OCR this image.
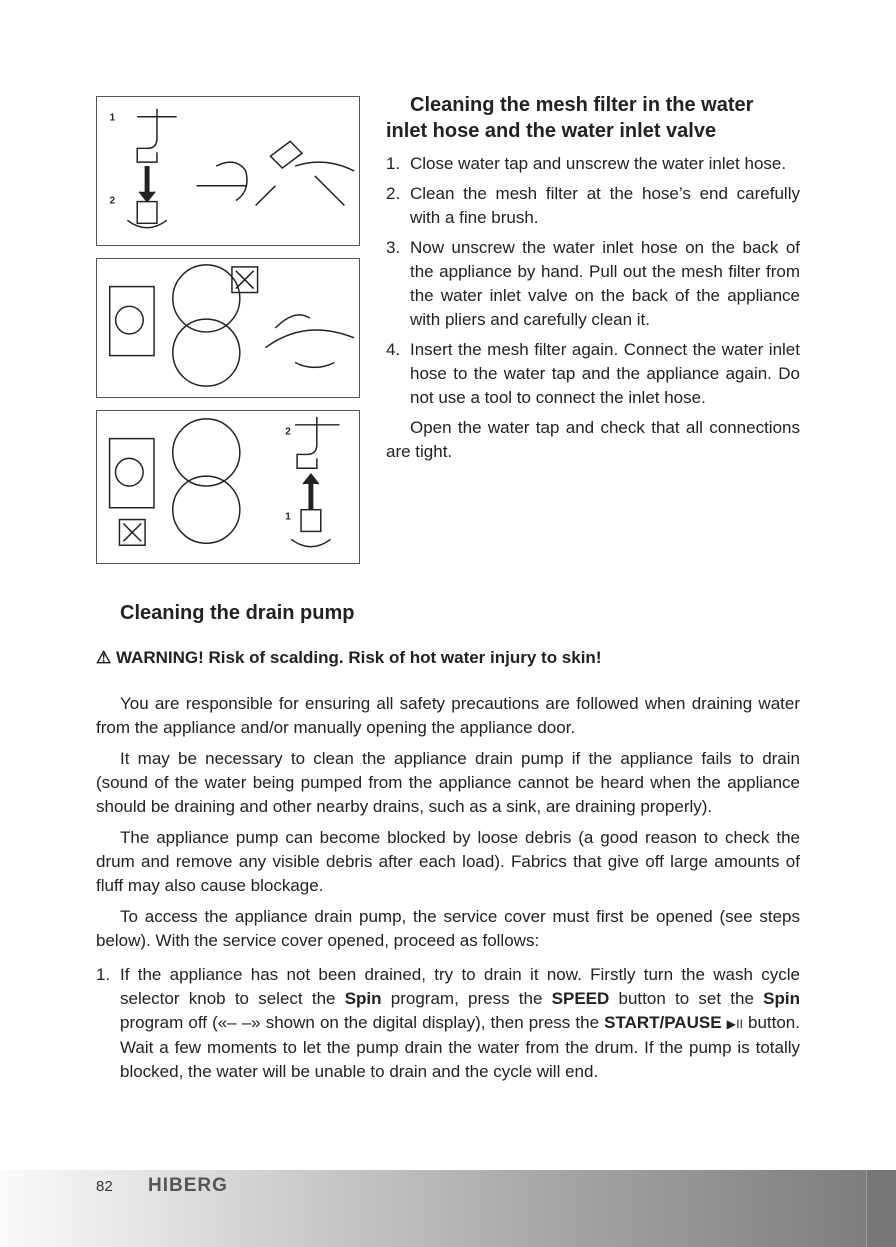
1
2
2
1
Cleaning the mesh filter in the water inlet hose and the water inlet valve
1. Close water tap and unscrew the water inlet hose.
2. Clean the mesh filter at the hose’s end carefully with a fine brush.
3. Now unscrew the water inlet hose on the back of the appliance by hand. Pull out the mesh filter from the water inlet valve on the back of the appliance with pliers and carefully clean it.
4. Insert the mesh filter again. Connect the water inlet hose to the water tap and the appliance again. Do not use a tool to connect the inlet hose.

Open the water tap and check that all connections are tight.

Cleaning the drain pump
⚠ WARNING! Risk of scalding. Risk of hot water injury to skin!

You are responsible for ensuring all safety precautions are followed when draining water from the appliance and/or manually opening the appliance door.

It may be necessary to clean the appliance drain pump if the appliance fails to drain (sound of the water being pumped from the appliance cannot be heard when the appliance should be draining and other nearby drains, such as a sink, are draining properly).

The appliance pump can become blocked by loose debris (a good reason to check the drum and remove any visible debris after each load). Fabrics that give off large amounts of fluff may also cause blockage.

To access the appliance drain pump, the service cover must first be opened (see steps below). With the service cover opened, proceed as follows:

1. If the appliance has not been drained, try to drain it now. Firstly turn the wash cycle selector knob to select the Spin program, press the SPEED button to set the Spin program off («– –» shown on the digital display), then press the START/PAUSE ▶II button. Wait a few moments to let the pump drain the water from the drum. If the pump is totally blocked, the water will be unable to drain and the cycle will end.
82 HIBERG
